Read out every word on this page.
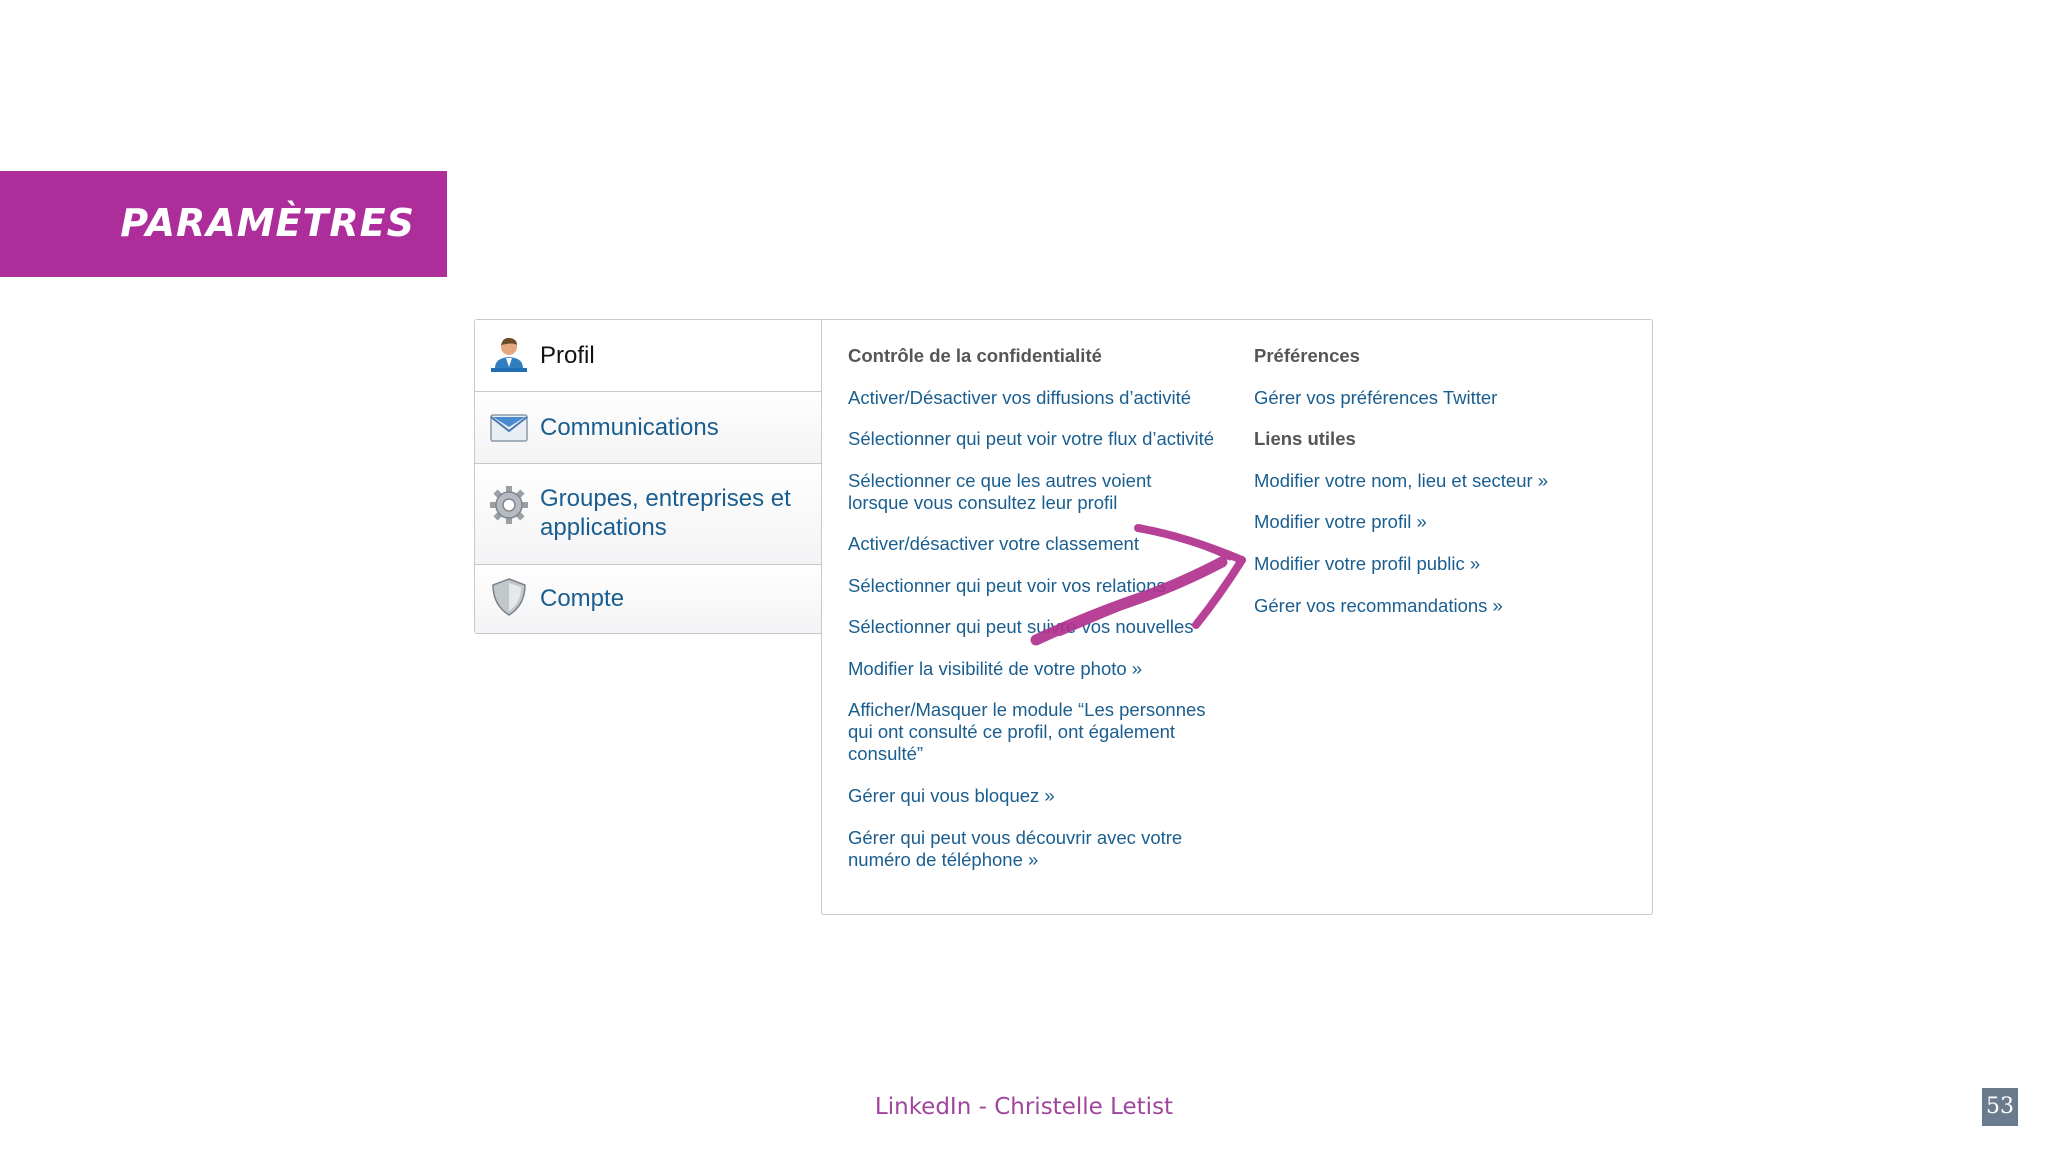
PARAMÈTRES
Profil
Communications
Groupes, entreprises et applications
Compte
Contrôle de la confidentialité
Activer/Désactiver vos diffusions d’activité
Sélectionner qui peut voir votre flux d’activité
Sélectionner ce que les autres voient lorsque vous consultez leur profil
Activer/désactiver votre classement
Sélectionner qui peut voir vos relations
Sélectionner qui peut suivre vos nouvelles
Modifier la visibilité de votre photo »
Afficher/Masquer le module “Les personnes qui ont consulté ce profil, ont également consulté”
Gérer qui vous bloquez »
Gérer qui peut vous découvrir avec votre numéro de téléphone »
Préférences
Gérer vos préférences Twitter
Liens utiles
Modifier votre nom, lieu et secteur »
Modifier votre profil »
Modifier votre profil public »
Gérer vos recommandations »
LinkedIn - Christelle Letist	53
